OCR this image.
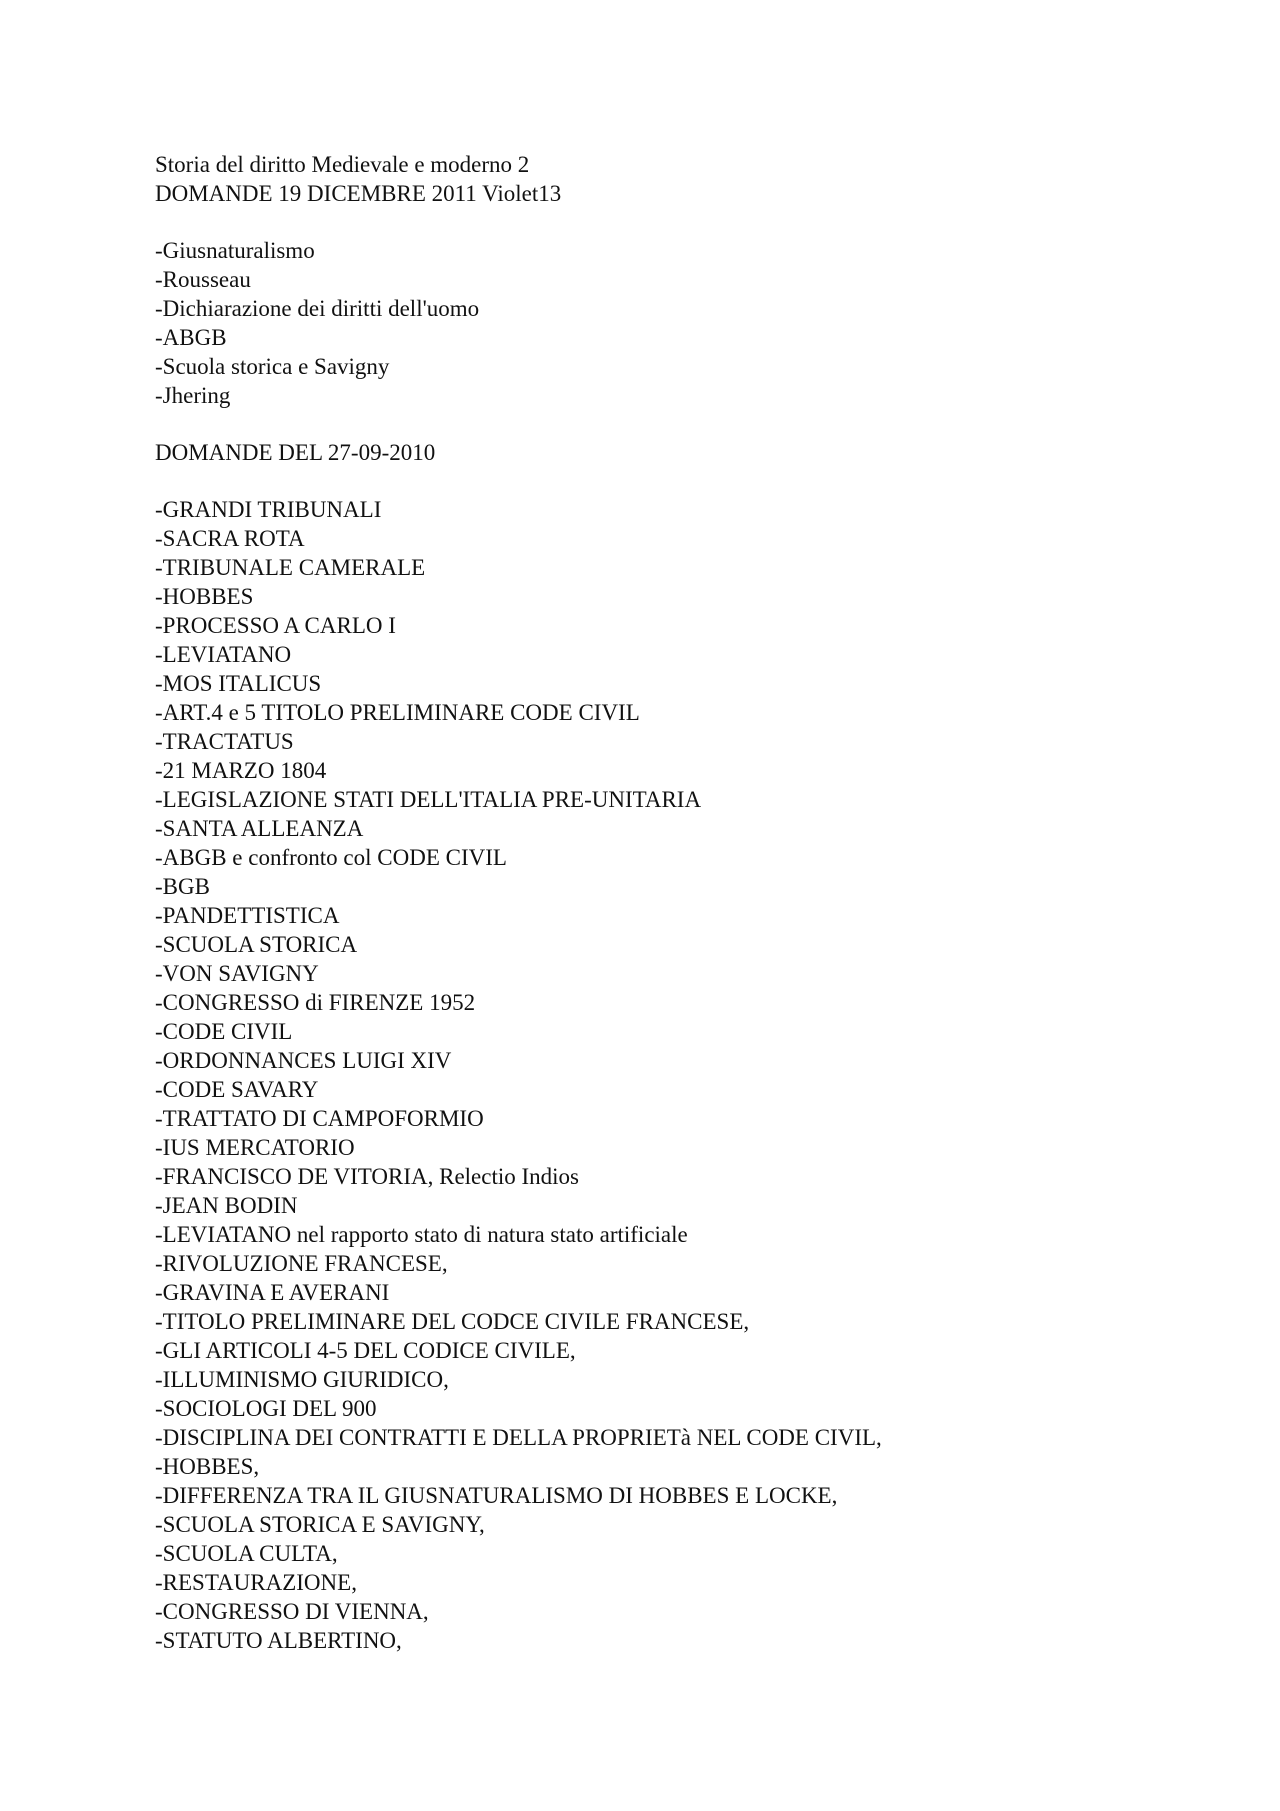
Storia del diritto Medievale e moderno 2
DOMANDE 19 DICEMBRE 2011 Violet13
-Giusnaturalismo
-Rousseau
-Dichiarazione dei diritti dell'uomo
-ABGB
-Scuola storica e Savigny
-Jhering
DOMANDE DEL 27-09-2010
-GRANDI TRIBUNALI
-SACRA ROTA
-TRIBUNALE CAMERALE
-HOBBES
-PROCESSO A CARLO I
-LEVIATANO
-MOS ITALICUS
-ART.4 e 5 TITOLO PRELIMINARE CODE CIVIL
-TRACTATUS
-21 MARZO 1804
-LEGISLAZIONE STATI DELL'ITALIA PRE-UNITARIA
-SANTA ALLEANZA
-ABGB e confronto col CODE CIVIL
-BGB
-PANDETTISTICA
-SCUOLA STORICA
-VON SAVIGNY
-CONGRESSO di FIRENZE 1952
-CODE CIVIL
-ORDONNANCES LUIGI XIV
-CODE SAVARY
-TRATTATO DI CAMPOFORMIO
-IUS MERCATORIO
-FRANCISCO DE VITORIA, Relectio Indios
-JEAN BODIN
-LEVIATANO nel rapporto stato di natura stato artificiale
-RIVOLUZIONE FRANCESE,
-GRAVINA E AVERANI
-TITOLO PRELIMINARE DEL CODCE CIVILE FRANCESE,
-GLI ARTICOLI 4-5 DEL CODICE CIVILE,
-ILLUMINISMO GIURIDICO,
-SOCIOLOGI DEL 900
-DISCIPLINA DEI CONTRATTI E DELLA PROPRIETà NEL CODE CIVIL,
-HOBBES,
-DIFFERENZA TRA IL GIUSNATURALISMO DI HOBBES E LOCKE,
-SCUOLA STORICA E SAVIGNY,
-SCUOLA CULTA,
-RESTAURAZIONE,
-CONGRESSO DI VIENNA,
-STATUTO ALBERTINO,
